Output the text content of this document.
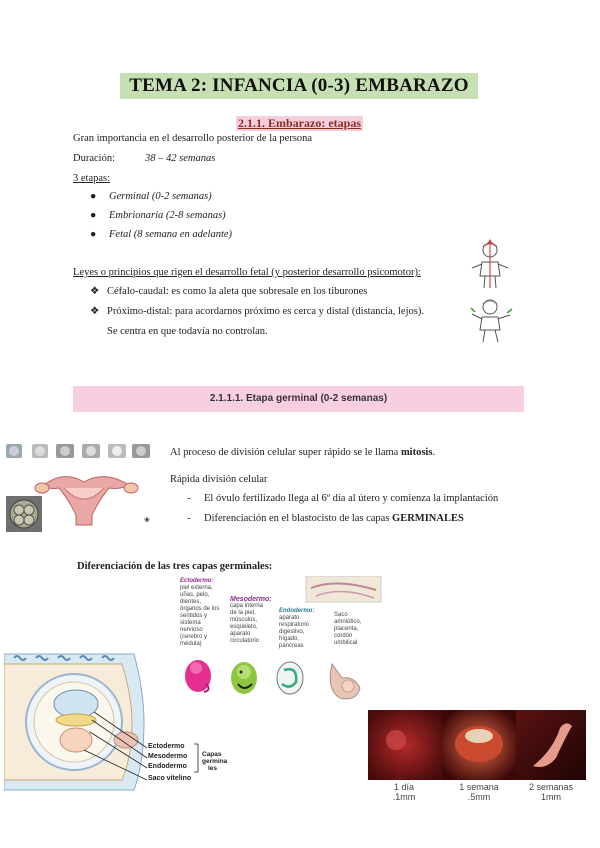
TEMA 2: INFANCIA (0-3) EMBARAZO
2.1.1. Embarazo: etapas
Gran importancia en el desarrollo posterior de la persona
Duración:	38 – 42 semanas
3 etapas:
● Germinal (0-2 semanas)
● Embrionaria (2-8 semanas)
● Fetal (8 semana en adelante)
Leyes o principios que rigen el desarrollo fetal (y posterior desarrollo psicomotor):
❖ Céfalo-caudal: es como la aleta que sobresale en los tiburones
❖ Próximo-distal: para acordarnos próximo es cerca y distal (distancia, lejos).
Se centra en que todavía no controlan.
2.1.1.1. Etapa germinal (0-2 semanas)
❀
Al proceso de división celular super rápido se le llama mitosis.
Rápida división celular
- El óvulo fertilizado llega al 6º día al útero y comienza la implantación
- Diferenciación en el blastocisto de las capas GERMINALES
Diferenciación de las tres capas germinales:
Ectodermo:
piel externa,
uñas, pelo,
dientes,
órganos de los
sentidos y
sistema
nervioso
(cerebro y
médula)
Mesodermo:
capa interna
de la piel,
músculos,
esqueleto,
aparato
circulatorio
Endodermo:
aparato
respiratorio
digestivo,
hígado,
páncreas
Saco
amniótico,
placenta,
cordón
umbilical
Ectodermo
Mesodermo
Endodermo
Saco vitelino
Capas
germina
les
1 día
.1mm
1 semana
.5mm
2 semanas
1mm
